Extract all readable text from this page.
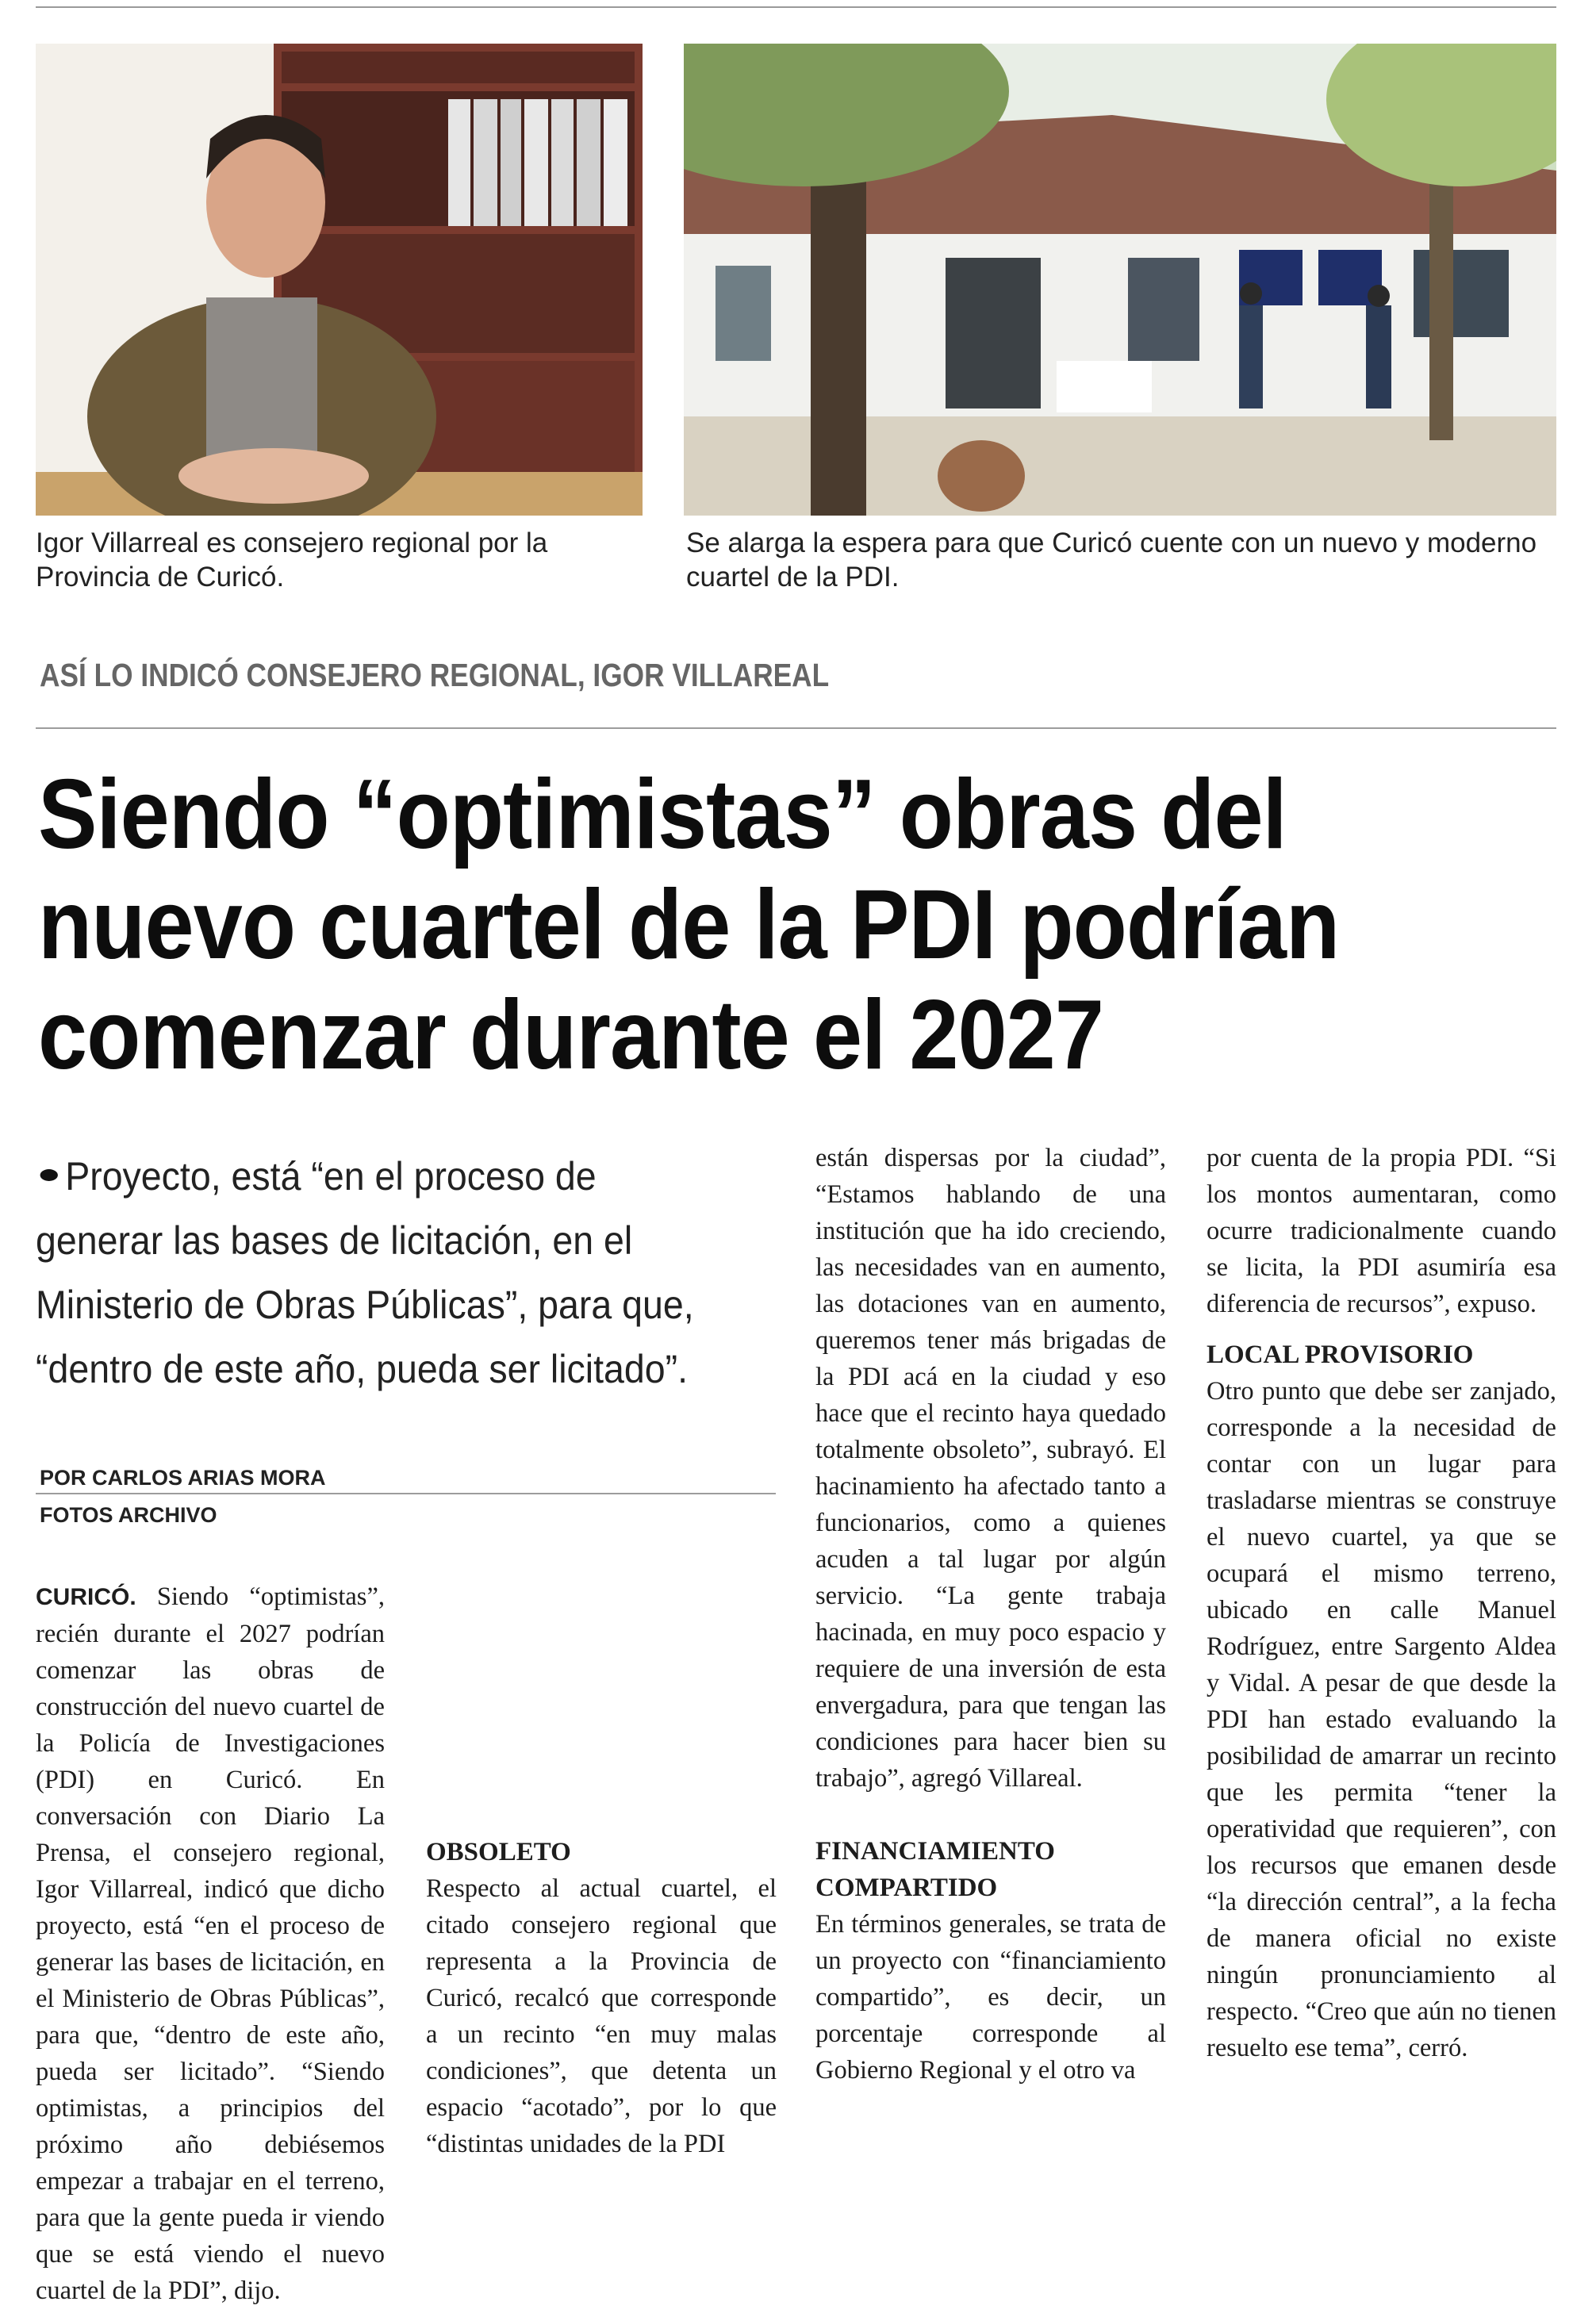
Igor Villarreal es consejero regional por la Provincia de Curicó.
Se alarga la espera para que Curicó cuente con un nuevo y moderno cuartel de la PDI.
ASÍ LO INDICÓ CONSEJERO REGIONAL, IGOR VILLAREAL
Siendo “optimistas” obras del nuevo cuartel de la PDI podrían comenzar durante el 2027
Proyecto, está “en el proceso de generar las bases de licitación, en el Ministerio de Obras Públicas”, para que, “dentro de este año, pueda ser licitado”.
POR CARLOS ARIAS MORA
FOTOS ARCHIVO

CURICÓ. Siendo “optimistas”, recién durante el 2027 podrían comenzar las obras de construcción del nuevo cuartel de la Policía de Investigaciones (PDI) en Curicó. En conversación con Diario La Prensa, el consejero regional, Igor Villarreal, indicó que dicho proyecto, está “en el proceso de generar las bases de licitación, en el Ministerio de Obras Públicas”, para que, “dentro de este año, pueda ser licitado”. “Siendo optimistas, a principios del próximo año debiésemos empezar a trabajar en el terreno, para que la gente pueda ir viendo que se está viendo el nuevo cuartel de la PDI”, dijo.

OBSOLETO

Respecto al actual cuartel, el citado consejero regional que representa a la Provincia de Curicó, recalcó que corresponde a un recinto “en muy malas condiciones”, que detenta un espacio “acotado”, por lo que “distintas unidades de la PDI

están dispersas por la ciudad”, “Estamos hablando de una institución que ha ido creciendo, las necesidades van en aumento, las dotaciones van en aumento, queremos tener más brigadas de la PDI acá en la ciudad y eso hace que el recinto haya quedado totalmente obsoleto”, subrayó. El hacinamiento ha afectado tanto a funcionarios, como a quienes acuden a tal lugar por algún servicio. “La gente trabaja hacinada, en muy poco espacio y requiere de una inversión de esta envergadura, para que tengan las condiciones para hacer bien su trabajo”, agregó Villareal.

FINANCIAMIENTO COMPARTIDO

En términos generales, se trata de un proyecto con “financiamiento compartido”, es decir, un porcentaje corresponde al Gobierno Regional y el otro va

por cuenta de la propia PDI. “Si los montos aumentaran, como ocurre tradicionalmente cuando se licita, la PDI asumiría esa diferencia de recursos”, expuso.

LOCAL PROVISORIO

Otro punto que debe ser zanjado, corresponde a la necesidad de contar con un lugar para trasladarse mientras se construye el nuevo cuartel, ya que se ocupará el mismo terreno, ubicado en calle Manuel Rodríguez, entre Sargento Aldea y Vidal. A pesar de que desde la PDI han estado evaluando la posibilidad de amarrar un recinto que les permita “tener la operatividad que requieren”, con los recursos que emanen desde “la dirección central”, a la fecha de manera oficial no existe ningún pronunciamiento al respecto. “Creo que aún no tienen resuelto ese tema”, cerró.
